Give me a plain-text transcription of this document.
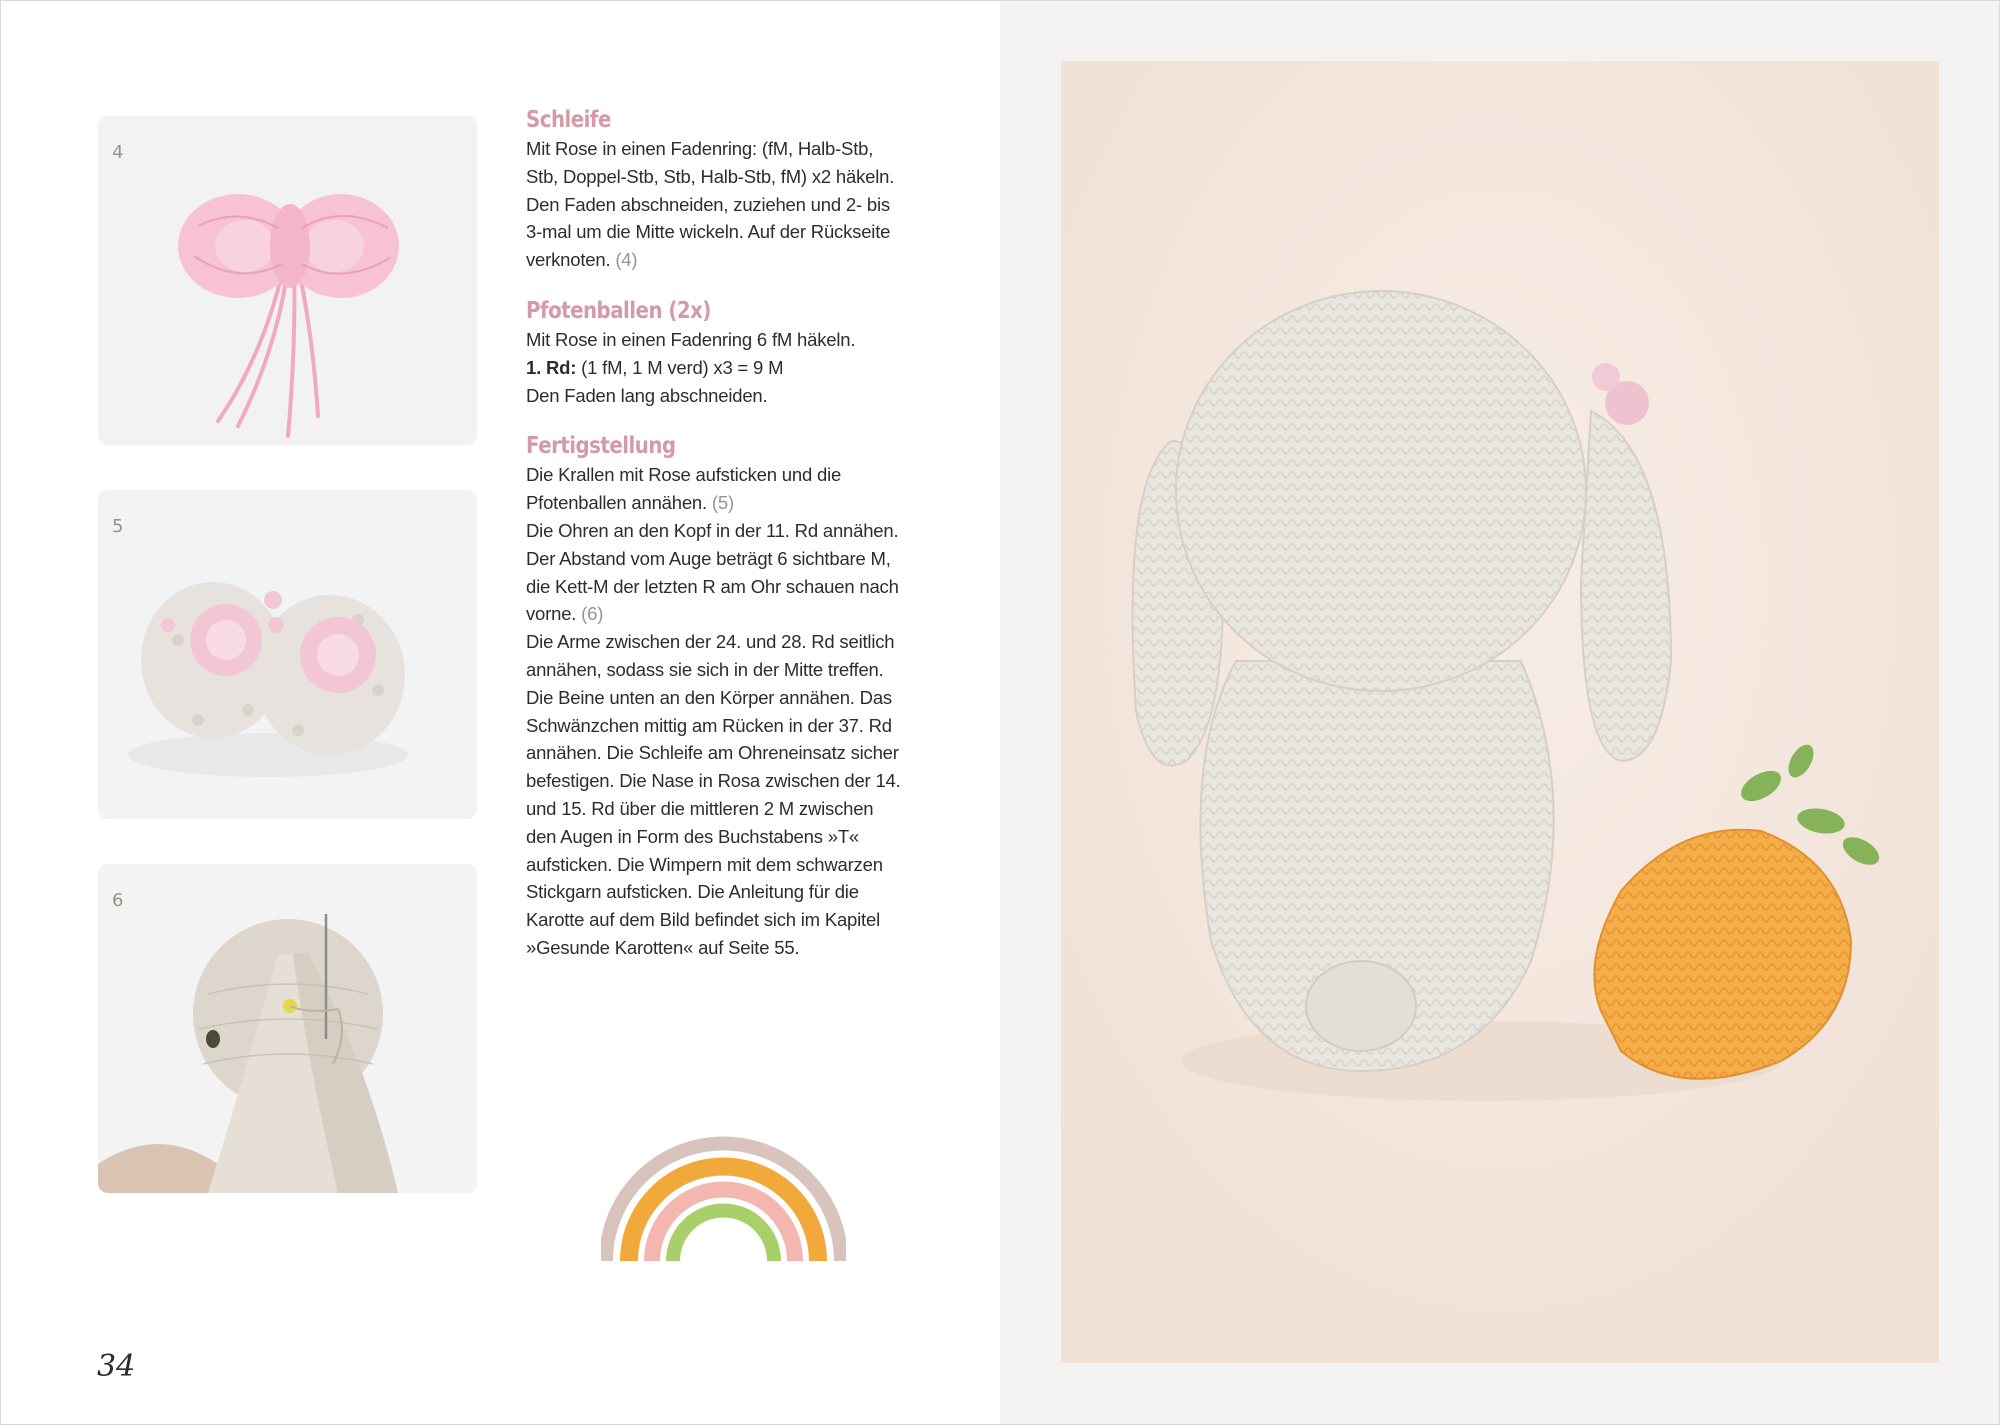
4
5
6
Schleife

Mit Rose in einen Fadenring: (fM, Halb-Stb, Stb, Doppel-Stb, Stb, Halb-Stb, fM) x2 häkeln. Den Faden abschneiden, zuziehen und 2- bis 3-mal um die Mitte wickeln. Auf der Rückseite verknoten. (4)

Pfotenballen (2x)

Mit Rose in einen Fadenring 6 fM häkeln.
1. Rd: (1 fM, 1 M verd) x3 = 9 M
Den Faden lang abschneiden.

Fertigstellung

Die Krallen mit Rose aufsticken und die Pfotenballen annähen. (5)
Die Ohren an den Kopf in der 11. Rd annähen. Der Abstand vom Auge beträgt 6 sichtbare M, die Kett-M der letzten R am Ohr schauen nach vorne. (6)
Die Arme zwischen der 24. und 28. Rd seitlich annähen, sodass sie sich in der Mitte treffen. Die Beine unten an den Körper annähen. Das Schwänzchen mittig am Rücken in der 37. Rd annähen. Die Schleife am Ohreneinsatz sicher befestigen. Die Nase in Rosa zwischen der 14. und 15. Rd über die mittleren 2 M zwischen den Augen in Form des Buchstabens »T« aufsticken. Die Wimpern mit dem schwarzen Stickgarn aufsticken. Die Anleitung für die Karotte auf dem Bild befindet sich im Kapitel »Gesunde Karotten« auf Seite 55.

34
